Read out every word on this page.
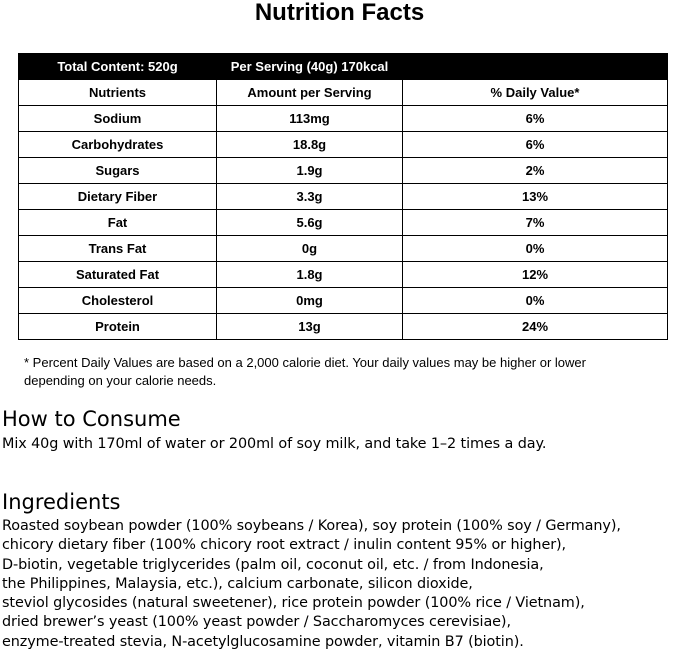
Nutrition Facts
Total Content: 520g	Per Serving (40g) 170kcal	
Nutrients	Amount per Serving	% Daily Value*
Sodium	113mg	6%
Carbohydrates	18.8g	6%
Sugars	1.9g	2%
Dietary Fiber	3.3g	13%
Fat	5.6g	7%
Trans Fat	0g	0%
Saturated Fat	1.8g	12%
Cholesterol	0mg	0%
Protein	13g	24%
* Percent Daily Values are based on a 2,000 calorie diet. Your daily values may be higher or lower
depending on your calorie needs.
How to Consume
Mix 40g with 170ml of water or 200ml of soy milk, and take 1–2 times a day.
Ingredients
Roasted soybean powder (100% soybeans / Korea), soy protein (100% soy / Germany),
chicory dietary fiber (100% chicory root extract / inulin content 95% or higher),
D-biotin, vegetable triglycerides (palm oil, coconut oil, etc. / from Indonesia,
the Philippines, Malaysia, etc.), calcium carbonate, silicon dioxide,
steviol glycosides (natural sweetener), rice protein powder (100% rice / Vietnam),
dried brewer’s yeast (100% yeast powder / Saccharomyces cerevisiae),
enzyme-treated stevia, N-acetylglucosamine powder, vitamin B7 (biotin).
